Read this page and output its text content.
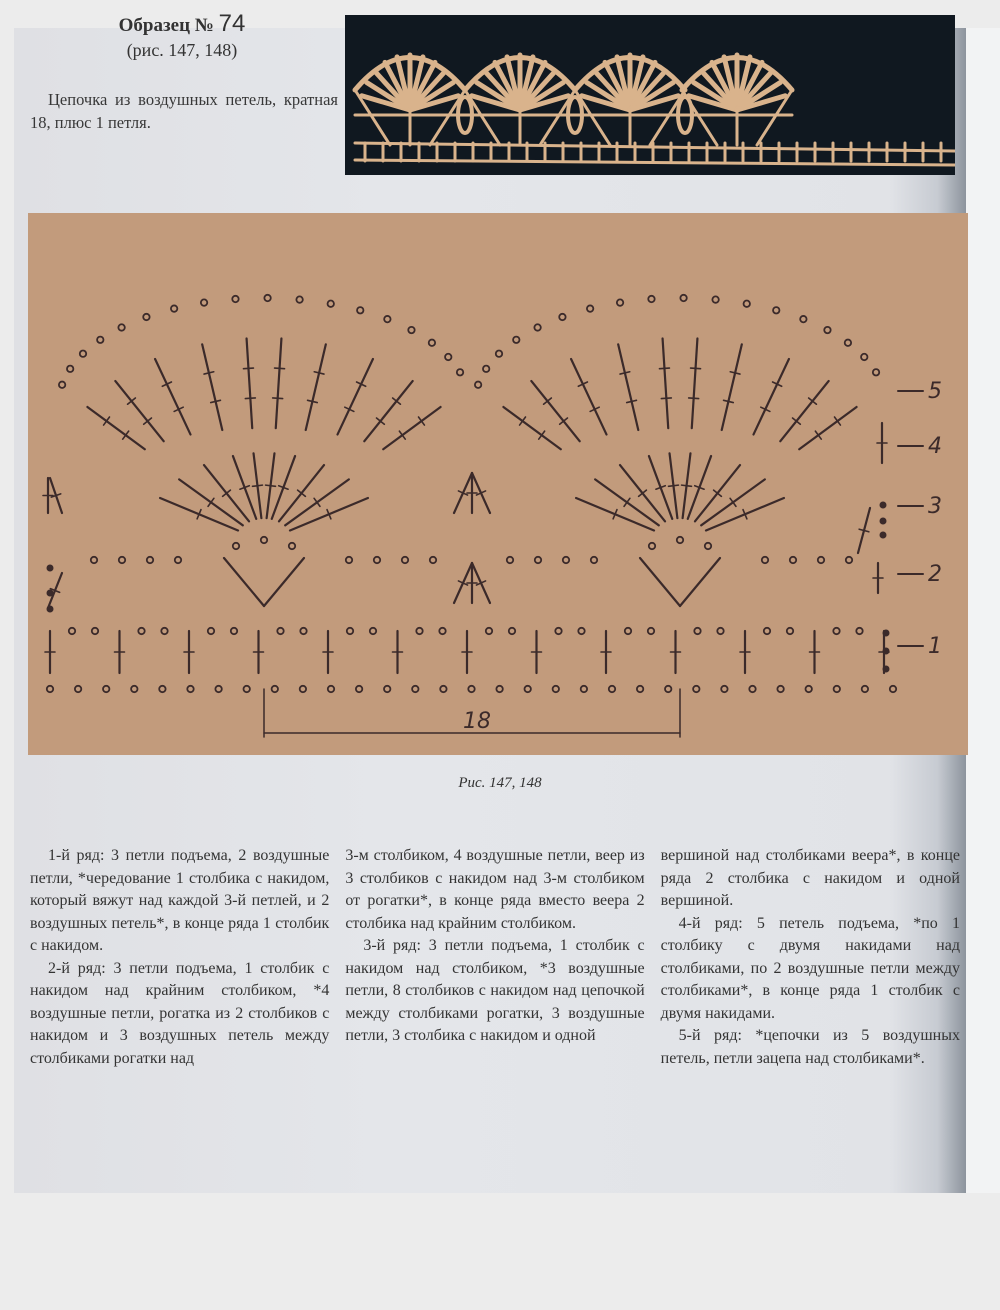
Образец № 74
(рис. 147, 148)
Цепочка из воздушных петель, кратная 18, плюс 1 петля.
18
5
4
3
2
1
Рис. 147, 148

1-й ряд: 3 петли подъема, 2 воздушные петли, *чередование 1 столбика с накидом, который вяжут над каждой 3-й петлей, и 2 воздушных петель*, в конце ряда 1 столбик с накидом.

2-й ряд: 3 петли подъема, 1 столбик с накидом над крайним столбиком, *4 воздушные петли, рогатка из 2 столбиков с накидом и 3 воздушных петель между столбиками рогатки над

3-м столбиком, 4 воздушные петли, веер из 3 столбиков с накидом над 3-м столбиком от рогатки*, в конце ряда вместо веера 2 столбика над крайним столбиком.

3-й ряд: 3 петли подъема, 1 столбик с накидом над столбиком, *3 воздушные петли, 8 столбиков с накидом над цепочкой между столбиками рогатки, 3 воздушные петли, 3 столбика с накидом и одной

вершиной над столбиками веера*, в конце ряда 2 столбика с накидом и одной вершиной.

4-й ряд: 5 петель подъема, *по 1 столбику с двумя накидами над столбиками, по 2 воздушные петли между столбиками*, в конце ряда 1 столбик с двумя накидами.

5-й ряд: *цепочки из 5 воздушных петель, петли зацепа над столбиками*.
